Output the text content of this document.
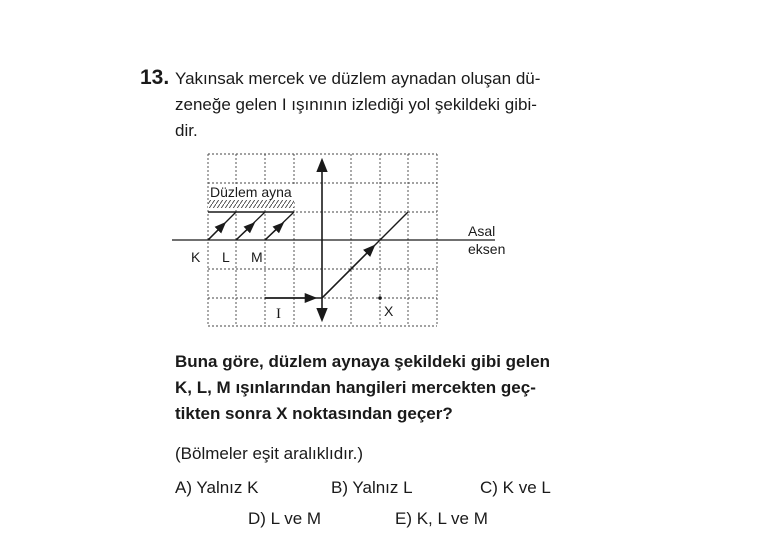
13. Yakınsak mercek ve düzlem aynadan oluşan dü-
zeneğe gelen I ışınının izlediği yol şekildeki gibi-
dir.
Düzlem ayna
K L M
I	X
Asal
eksen
Buna göre, düzlem aynaya şekildeki gibi gelen
K, L, M ışınlarından hangileri mercekten geç-
tikten sonra X noktasından geçer?
(Bölmeler eşit aralıklıdır.)
A) Yalnız K	B) Yalnız L	C) K ve L
D) L ve M	E) K, L ve M
